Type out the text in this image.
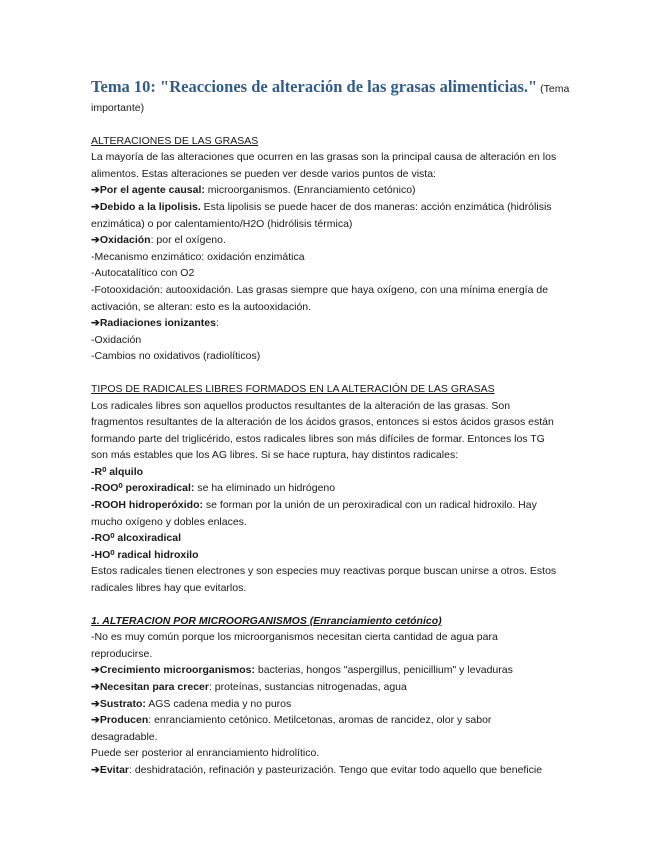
Tema 10: "Reacciones de alteración de las grasas alimenticias." (Tema

importante)

ALTERACIONES DE LAS GRASAS

La mayoría de las alteraciones que ocurren en las grasas son la principal causa de alteración en los

alimentos. Estas alteraciones se pueden ver desde varios puntos de vista:

➔Por el agente causal: microorganismos. (Enranciamiento cetónico)

➔Debido a la lipolisis. Esta lipolisis se puede hacer de dos maneras: acción enzimática (hidrólisis

enzimática) o por calentamiento/H2O (hidrólisis térmica)

➔Oxidación: por el oxígeno.

-Mecanismo enzimático: oxidación enzimática

-Autocatalítico con O2

-Fotooxidación: autooxidación. Las grasas siempre que haya oxígeno, con una mínima energía de

activación, se alteran: esto es la autooxidación.

➔Radiaciones ionizantes:

-Oxidación

-Cambios no oxidativos (radiolíticos)

TIPOS DE RADICALES LIBRES FORMADOS EN LA ALTERACIÓN DE LAS GRASAS

Los radicales libres son aquellos productos resultantes de la alteración de las grasas. Son

fragmentos resultantes de la alteración de los ácidos grasos, entonces si estos ácidos grasos están

formando parte del triglicérido, estos radicales libres son más difíciles de formar. Entonces los TG

son más estables que los AG libres. Si se hace ruptura, hay distintos radicales:

-R⁰ alquilo

-ROO⁰ peroxiradical: se ha eliminado un hidrógeno

-ROOH hidroperóxido: se forman por la unión de un peroxiradical con un radical hidroxilo. Hay

mucho oxígeno y dobles enlaces.

-RO⁰ alcoxiradical

-HO⁰ radical hidroxilo

Estos radicales tienen electrones y son especies muy reactivas porque buscan unirse a otros. Estos

radicales libres hay que evitarlos.

1. ALTERACION POR MICROORGANISMOS (Enranciamiento cetónico)

-No es muy común porque los microorganismos necesitan cierta cantidad de agua para

reproducirse.

➔Crecimiento microorganismos: bacterias, hongos "aspergillus, penicillium" y levaduras

➔Necesitan para crecer: proteínas, sustancias nitrogenadas, agua

➔Sustrato: AGS cadena media y no puros

➔Producen: enranciamiento cetónico. Metilcetonas, aromas de rancidez, olor y sabor

desagradable.

Puede ser posterior al enranciamiento hidrolítico.

➔Evitar: deshidratación, refinación y pasteurización. Tengo que evitar todo aquello que beneficie
